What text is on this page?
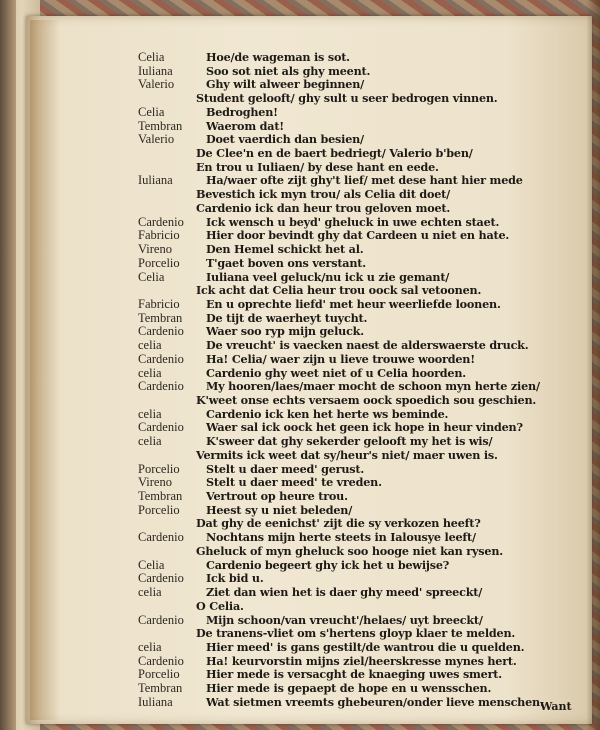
Celia	Hoe/de wageman is sot.
Iuliana	Soo sot niet als ghy meent.
Valerio	Ghy wilt alweer beginnen/
Student gelooft/ ghy sult u seer bedrogen vinnen.
Celia	Bedroghen!
Tembran Waerom dat!
Valerio	Doet vaerdich dan besien/
De Clee'n en de baert bedriegt/ Valerio b'ben/
En trou u Iuliaen/ by dese hant en eede.
Iuliana	Ha/waer ofte zijt ghy't lief/ met dese hant hier mede
Bevestich ick myn trou/ als Celia dit doet/
Cardenio ick dan heur trou geloven moet.
Cardenio Ick wensch u beyd' gheluck in uwe echten staet.
Fabricio Hier door bevindt ghy dat Cardeen u niet en hate.
Vireno	Den Hemel schickt het al.
Porcelio T'gaet boven ons verstant.
Celia	Iuliana veel geluck/nu ick u zie gemant/
Ick acht dat Celia heur trou oock sal vetoonen.
Fabricio En u oprechte liefd' met heur weerliefde loonen.
Tembran De tijt de waerheyt tuycht.
Cardenio Waer soo ryp mijn geluck.
celia	De vreucht' is vaecken naest de alderswaerste druck.
Cardenio Ha! Celia/ waer zijn u lieve trouwe woorden!
celia	Cardenio ghy weet niet of u Celia hoorden.
Cardenio My hooren/laes/maer mocht de schoon myn herte zien/
K'weet onse echts versaem oock spoedich sou geschien.
celia	Cardenio ick ken het herte ws beminde.
Cardenio Waer sal ick oock het geen ick hope in heur vinden?
celia	K'sweer dat ghy sekerder gelooft my het is wis/
Vermits ick weet dat sy/heur's niet/ maer uwen is.
Porcelio Stelt u daer meed' gerust.
Vireno	Stelt u daer meed' te vreden.
Tembran Vertrout op heure trou.
Porcelio Heest sy u niet beleden/
Dat ghy de eenichst' zijt die sy verkozen heeft?
Cardenio Nochtans mijn herte steets in Ialousye leeft/
Gheluck of myn gheluck soo hooge niet kan rysen.
Celia	Cardenio begeert ghy ick het u bewijse?
Cardenio Ick bid u.
celia	Ziet dan wien het is daer ghy meed' spreeckt/
O Celia.
Cardenio Mijn schoon/van vreucht'/helaes/ uyt breeckt/
De tranens-vliet om s'hertens gloyp klaer te melden.
celia	Hier meed' is gans gestilt/de wantrou die u quelden.
Cardenio Ha! keurvorstin mijns ziel/heerskresse mynes hert.
Porcelio Hier mede is versacght de knaeging uwes smert.
Tembran Hier mede is gepaept de hope en u wensschen.
Iuliana	Wat sietmen vreemts ghebeuren/onder lieve menschen.
Want
